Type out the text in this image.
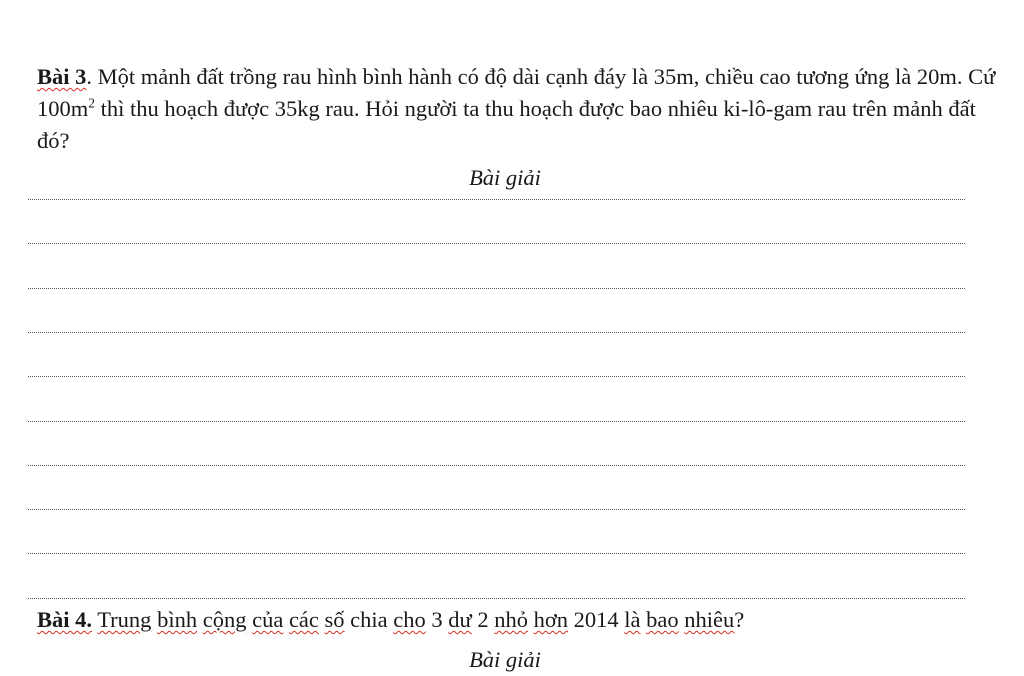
Bài 3. Một mảnh đất trồng rau hình bình hành có độ dài cạnh đáy là 35m, chiều cao tương ứng là 20m. Cứ $100m^2$ thì thu hoạch được 35kg rau. Hỏi người ta thu hoạch được bao nhiêu ki-lô-gam rau trên mảnh đất đó?

Bài giải

Bài 4. Trung bình cộng của các số chia cho 3 dư 2 nhỏ hơn 2014 là bao nhiêu?

Bài giải
